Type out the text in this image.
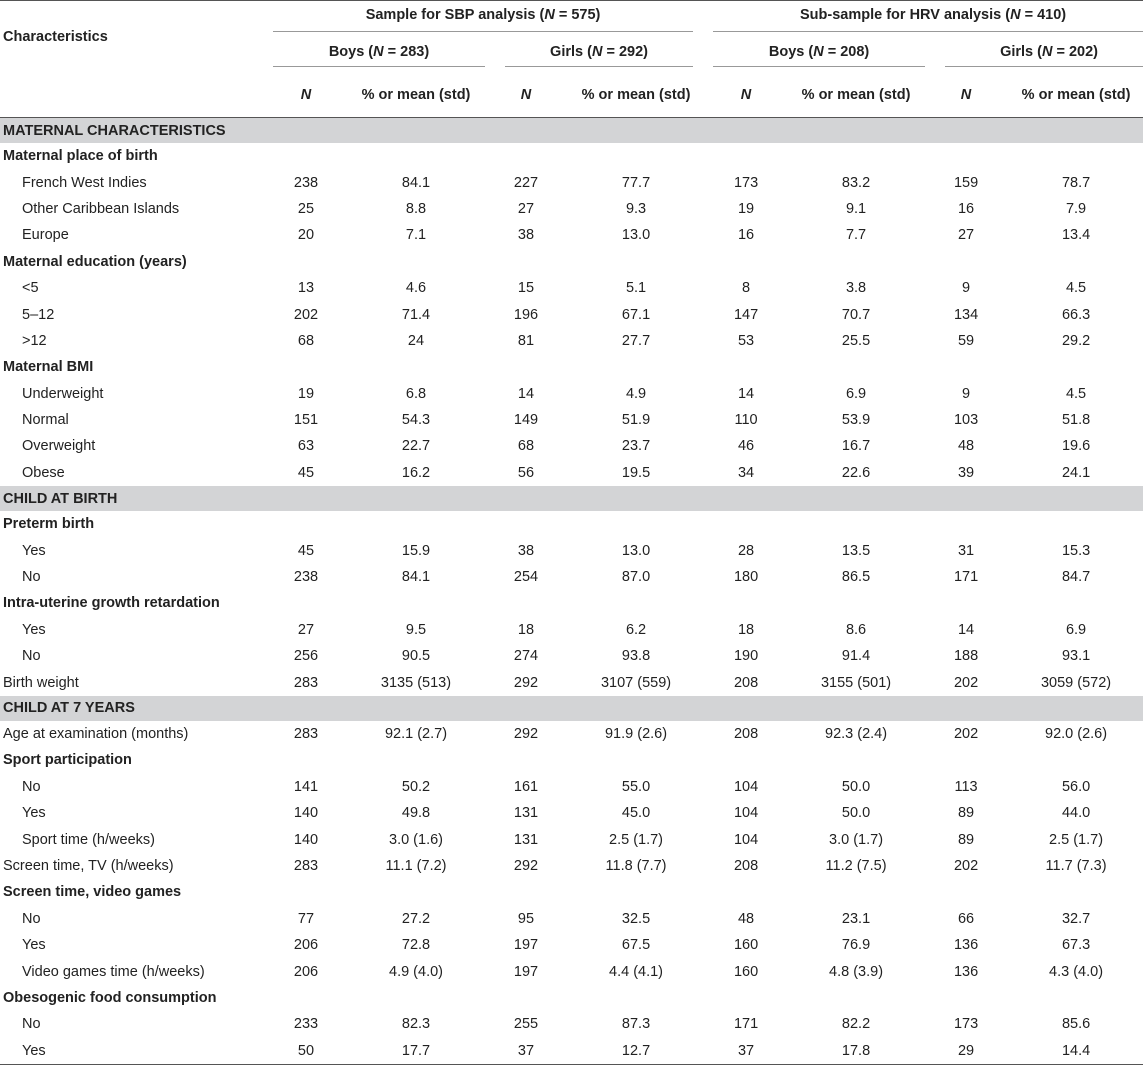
Characteristics	Sample for SBP analysis (N = 575)				Sub-sample for HRV analysis (N = 410)			

	Boys (N = 283)		Girls (N = 292)		Boys (N = 208)		Girls (N = 202)	

	N	% or mean (std)	N	% or mean (std)	N	% or mean (std)	N	% or mean (std)
MATERNAL CHARACTERISTICS								
Maternal place of birth								
French West Indies	238	84.1	227	77.7	173	83.2	159	78.7
Other Caribbean Islands	25	8.8	27	9.3	19	9.1	16	7.9
Europe	20	7.1	38	13.0	16	7.7	27	13.4
Maternal education (years)								
<5	13	4.6	15	5.1	8	3.8	9	4.5
5–12	202	71.4	196	67.1	147	70.7	134	66.3
>12	68	24	81	27.7	53	25.5	59	29.2
Maternal BMI								
Underweight	19	6.8	14	4.9	14	6.9	9	4.5
Normal	151	54.3	149	51.9	110	53.9	103	51.8
Overweight	63	22.7	68	23.7	46	16.7	48	19.6
Obese	45	16.2	56	19.5	34	22.6	39	24.1
CHILD AT BIRTH								
Preterm birth								
Yes	45	15.9	38	13.0	28	13.5	31	15.3
No	238	84.1	254	87.0	180	86.5	171	84.7
Intra-uterine growth retardation								
Yes	27	9.5	18	6.2	18	8.6	14	6.9
No	256	90.5	274	93.8	190	91.4	188	93.1
Birth weight	283	3135 (513)	292	3107 (559)	208	3155 (501)	202	3059 (572)
CHILD AT 7 YEARS								
Age at examination (months)	283	92.1 (2.7)	292	91.9 (2.6)	208	92.3 (2.4)	202	92.0 (2.6)
Sport participation								
No	141	50.2	161	55.0	104	50.0	113	56.0
Yes	140	49.8	131	45.0	104	50.0	89	44.0
Sport time (h/weeks)	140	3.0 (1.6)	131	2.5 (1.7)	104	3.0 (1.7)	89	2.5 (1.7)
Screen time, TV (h/weeks)	283	11.1 (7.2)	292	11.8 (7.7)	208	11.2 (7.5)	202	11.7 (7.3)
Screen time, video games								
No	77	27.2	95	32.5	48	23.1	66	32.7
Yes	206	72.8	197	67.5	160	76.9	136	67.3
Video games time (h/weeks)	206	4.9 (4.0)	197	4.4 (4.1)	160	4.8 (3.9)	136	4.3 (4.0)
Obesogenic food consumption								
No	233	82.3	255	87.3	171	82.2	173	85.6
Yes	50	17.7	37	12.7	37	17.8	29	14.4
